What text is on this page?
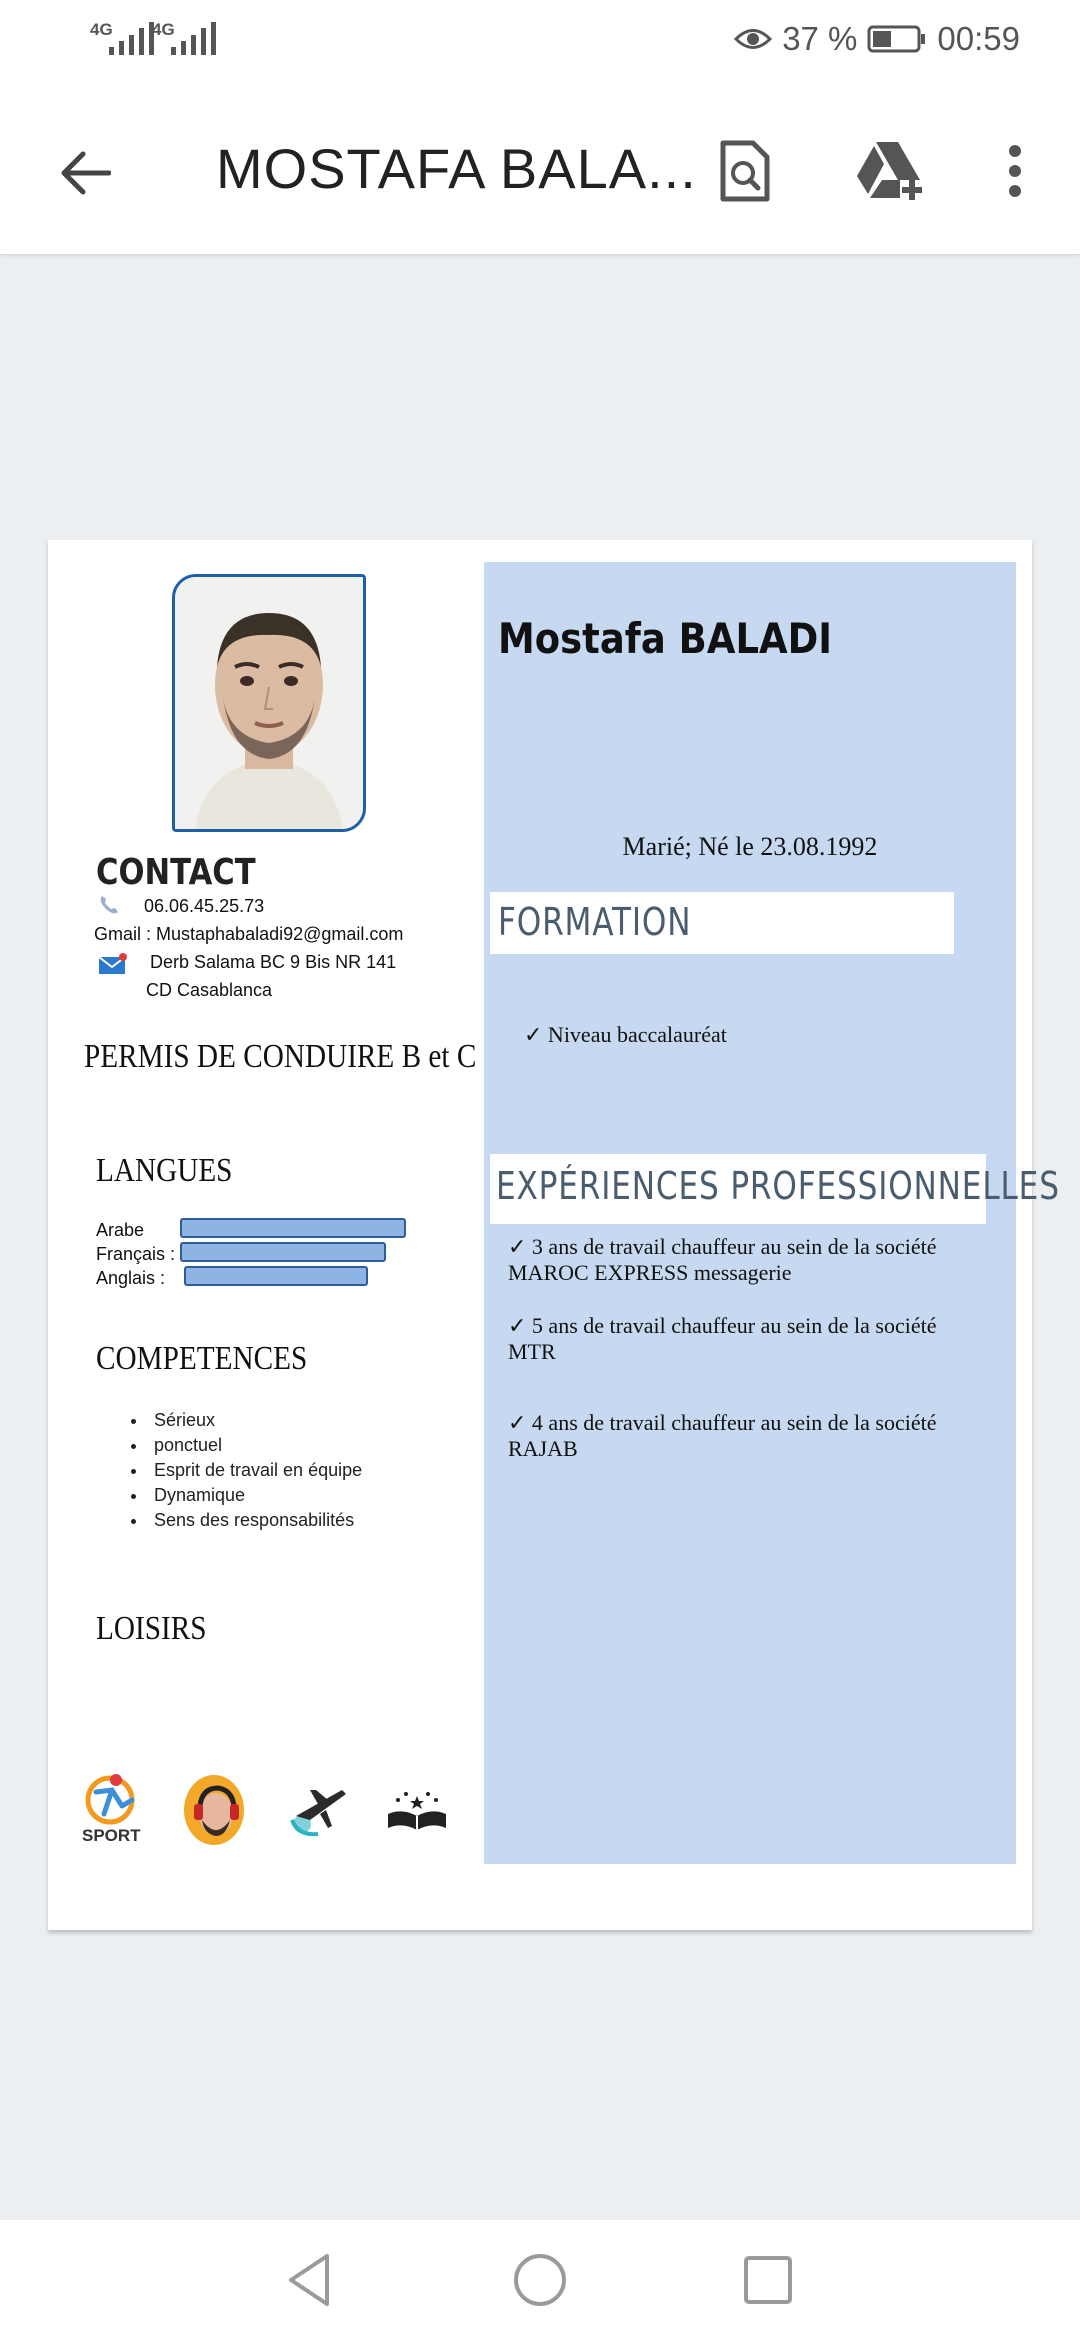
4G 4G	37 % 00:59
MOSTAFA BALA...
CONTACT
06.06.45.25.73
Gmail : Mustaphabaladi92@gmail.com
Derb Salama BC 9 Bis NR 141
CD Casablanca
PERMIS DE CONDUIRE B et C
LANGUES
Arabe
Français :
Anglais :
COMPETENCES
• Sérieux
• ponctuel
• Esprit de travail en équipe
• Dynamique
• Sens des responsabilités
LOISIRS
SPORT
Mostafa BALADI
Marié; Né le 23.08.1992
FORMATION
✓ Niveau baccalauréat
EXPÉRIENCES PROFESSIONNELLES
✓ 3 ans de travail chauffeur au sein de la société
MAROC EXPRESS messagerie
✓ 5 ans de travail chauffeur au sein de la société
MTR
✓ 4 ans de travail chauffeur au sein de la société
RAJAB
